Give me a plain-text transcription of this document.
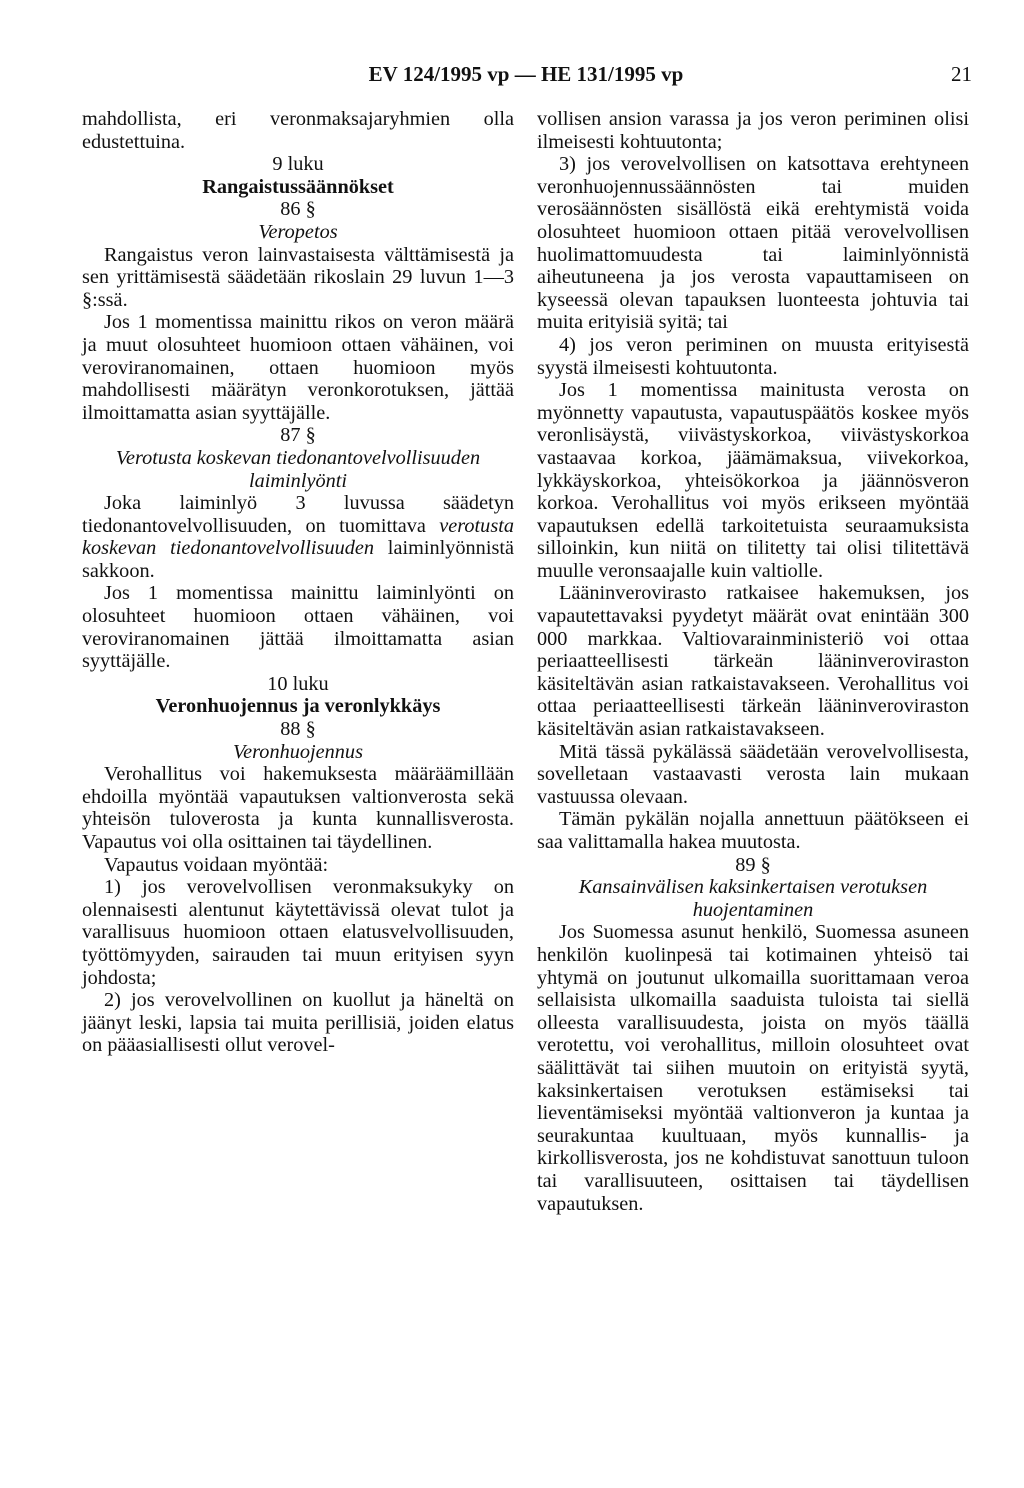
EV 124/1995 vp — HE 131/1995 vp	21

mahdollista, eri veronmaksajaryhmien olla edustettuina.

9 luku

Rangaistussäännökset

86 §

Veropetos

Rangaistus veron lainvastaisesta välttämisestä ja sen yrittämisestä säädetään rikoslain 29 luvun 1—3 §:ssä.

Jos 1 momentissa mainittu rikos on veron määrä ja muut olosuhteet huomioon ottaen vähäinen, voi veroviranomainen, ottaen huomioon myös mahdollisesti määrätyn veronkorotuksen, jättää ilmoittamatta asian syyttäjälle.

87 §

Verotusta koskevan tiedonantovelvollisuuden laiminlyönti

Joka laiminlyö 3 luvussa säädetyn tiedonantovelvollisuuden, on tuomittava verotusta koskevan tiedonantovelvollisuuden laiminlyönnistä sakkoon.

Jos 1 momentissa mainittu laiminlyönti on olosuhteet huomioon ottaen vähäinen, voi veroviranomainen jättää ilmoittamatta asian syyttäjälle.

10 luku

Veronhuojennus ja veronlykkäys

88 §

Veronhuojennus

Verohallitus voi hakemuksesta määräämillään ehdoilla myöntää vapautuksen valtionverosta sekä yhteisön tuloverosta ja kunta kunnallisverosta. Vapautus voi olla osittainen tai täydellinen.

Vapautus voidaan myöntää:

1) jos verovelvollisen veronmaksukyky on olennaisesti alentunut käytettävissä olevat tulot ja varallisuus huomioon ottaen elatusvelvollisuuden, työttömyyden, sairauden tai muun erityisen syyn johdosta;

2) jos verovelvollinen on kuollut ja häneltä on jäänyt leski, lapsia tai muita perillisiä, joiden elatus on pääasiallisesti ollut verovel-

vollisen ansion varassa ja jos veron periminen olisi ilmeisesti kohtuutonta;

3) jos verovelvollisen on katsottava erehtyneen veronhuojennussäännösten tai muiden verosäännösten sisällöstä eikä erehtymistä voida olosuhteet huomioon ottaen pitää verovelvollisen huolimattomuudesta tai laiminlyönnistä aiheutuneena ja jos verosta vapauttamiseen on kyseessä olevan tapauksen luonteesta johtuvia tai muita erityisiä syitä; tai

4) jos veron periminen on muusta erityisestä syystä ilmeisesti kohtuutonta.

Jos 1 momentissa mainitusta verosta on myönnetty vapautusta, vapautuspäätös koskee myös veronlisäystä, viivästyskorkoa, viivästyskorkoa vastaavaa korkoa, jäämämaksua, viivekorkoa, lykkäyskorkoa, yhteisökorkoa ja jäännösveron korkoa. Verohallitus voi myös erikseen myöntää vapautuksen edellä tarkoitetuista seuraamuksista silloinkin, kun niitä on tilitetty tai olisi tilitettävä muulle veronsaajalle kuin valtiolle.

Lääninverovirasto ratkaisee hakemuksen, jos vapautettavaksi pyydetyt määrät ovat enintään 300 000 markkaa. Valtiovarainministeriö voi ottaa periaatteellisesti tärkeän lääninveroviraston käsiteltävän asian ratkaistavakseen. Verohallitus voi ottaa periaatteellisesti tärkeän lääninveroviraston käsiteltävän asian ratkaistavakseen.

Mitä tässä pykälässä säädetään verovelvollisesta, sovelletaan vastaavasti verosta lain mukaan vastuussa olevaan.

Tämän pykälän nojalla annettuun päätökseen ei saa valittamalla hakea muutosta.

89 §

Kansainvälisen kaksinkertaisen verotuksen huojentaminen

Jos Suomessa asunut henkilö, Suomessa asuneen henkilön kuolinpesä tai kotimainen yhteisö tai yhtymä on joutunut ulkomailla suorittamaan veroa sellaisista ulkomailla saaduista tuloista tai siellä olleesta varallisuudesta, joista on myös täällä verotettu, voi verohallitus, milloin olosuhteet ovat säälittävät tai siihen muutoin on erityistä syytä, kaksinkertaisen verotuksen estämiseksi tai lieventämiseksi myöntää valtionveron ja kuntaa ja seurakuntaa kuultuaan, myös kunnallis- ja kirkollisverosta, jos ne kohdistuvat sanottuun tuloon tai varallisuuteen, osittaisen tai täydellisen vapautuksen.
